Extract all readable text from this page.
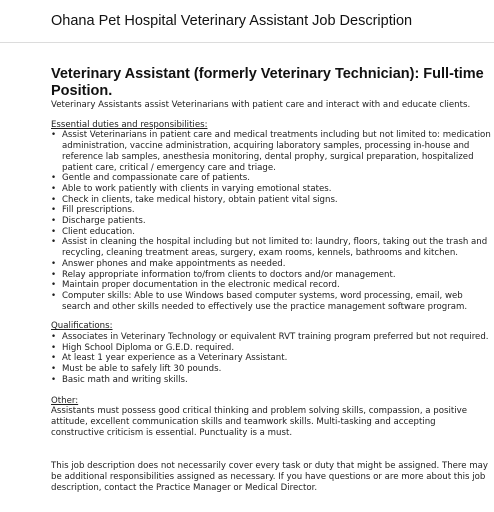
Ohana Pet Hospital Veterinary Assistant Job Description
Veterinary Assistant (formerly Veterinary Technician): Full-time Position.

Veterinary Assistants assist Veterinarians with patient care and interact with and educate clients.

Essential duties and responsibilities:

• Assist Veterinarians in patient care and medical treatments including but not limited to: medication administration, vaccine administration, acquiring laboratory samples, processing in-house and reference lab samples, anesthesia monitoring, dental prophy, surgical preparation, hospitalized patient care, critical / emergency care and triage.
• Gentle and compassionate care of patients.
• Able to work patiently with clients in varying emotional states.
• Check in clients, take medical history, obtain patient vital signs.
• Fill prescriptions.
• Discharge patients.
• Client education.
• Assist in cleaning the hospital including but not limited to: laundry, floors, taking out the trash and recycling, cleaning treatment areas, surgery, exam rooms, kennels, bathrooms and kitchen.
• Answer phones and make appointments as needed.
• Relay appropriate information to/from clients to doctors and/or management.
• Maintain proper documentation in the electronic medical record.
• Computer skills: Able to use Windows based computer systems, word processing, email, web search and other skills needed to effectively use the practice management software program.

Qualifications:

• Associates in Veterinary Technology or equivalent RVT training program preferred but not required.
• High School Diploma or G.E.D. required.
• At least 1 year experience as a Veterinary Assistant.
• Must be able to safely lift 30 pounds.
• Basic math and writing skills.

Other:

Assistants must possess good critical thinking and problem solving skills, compassion, a positive attitude, excellent communication skills and teamwork skills. Multi-tasking and accepting constructive criticism is essential. Punctuality is a must.

This job description does not necessarily cover every task or duty that might be assigned. There may be additional responsibilities assigned as necessary. If you have questions or are more about this job description, contact the Practice Manager or Medical Director.
